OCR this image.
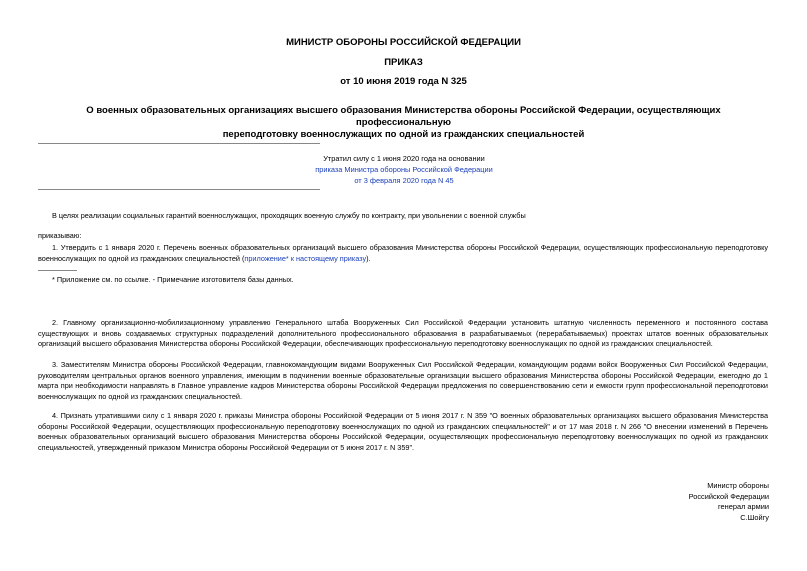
МИНИСТР ОБОРОНЫ РОССИЙСКОЙ ФЕДЕРАЦИИ
ПРИКАЗ
от 10 июня 2019 года N 325
О военных образовательных организациях высшего образования Министерства обороны Российской Федерации, осуществляющих профессиональную
переподготовку военнослужащих по одной из гражданских специальностей
Утратил силу с 1 июня 2020 года на основании
приказа Министра обороны Российской Федерации
от 3 февраля 2020 года N 45
В целях реализации социальных гарантий военнослужащих, проходящих военную службу по контракту, при увольнении с военной службы
приказываю:
1. Утвердить с 1 января 2020 г. Перечень военных образовательных организаций высшего образования Министерства обороны Российской Федерации, осуществляющих профессиональную переподготовку военнослужащих по одной из гражданских специальностей (приложение* к настоящему приказу).
* Приложение см. по ссылке. - Примечание изготовителя базы данных.
2. Главному организационно-мобилизационному управлению Генерального штаба Вооруженных Сил Российской Федерации установить штатную численность переменного и постоянного состава существующих и вновь создаваемых структурных подразделений дополнительного профессионального образования в разрабатываемых (перерабатываемых) проектах штатов военных образовательных организаций высшего образования Министерства обороны Российской Федерации, обеспечивающих профессиональную переподготовку военнослужащих по одной из гражданских специальностей.
3. Заместителям Министра обороны Российской Федерации, главнокомандующим видами Вооруженных Сил Российской Федерации, командующим родами войск Вооруженных Сил Российской Федерации, руководителям центральных органов военного управления, имеющим в подчинении военные образовательные организации высшего образования Министерства обороны Российской Федерации, ежегодно до 1 марта при необходимости направлять в Главное управление кадров Министерства обороны Российской Федерации предложения по совершенствованию сети и емкости групп профессиональной переподготовки военнослужащих по одной из гражданских специальностей.
4. Признать утратившими силу с 1 января 2020 г. приказы Министра обороны Российской Федерации от 5 июня 2017 г. N 359 "О военных образовательных организациях высшего образования Министерства обороны Российской Федерации, осуществляющих профессиональную переподготовку военнослужащих по одной из гражданских специальностей" и от 17 мая 2018 г. N 266 "О внесении изменений в Перечень военных образовательных организаций высшего образования Министерства обороны Российской Федерации, осуществляющих профессиональную переподготовку военнослужащих по одной из гражданских специальностей, утвержденный приказом Министра обороны Российской Федерации от 5 июня 2017 г. N 359".
Министр обороны
Российской Федерации
генерал армии
С.Шойгу
